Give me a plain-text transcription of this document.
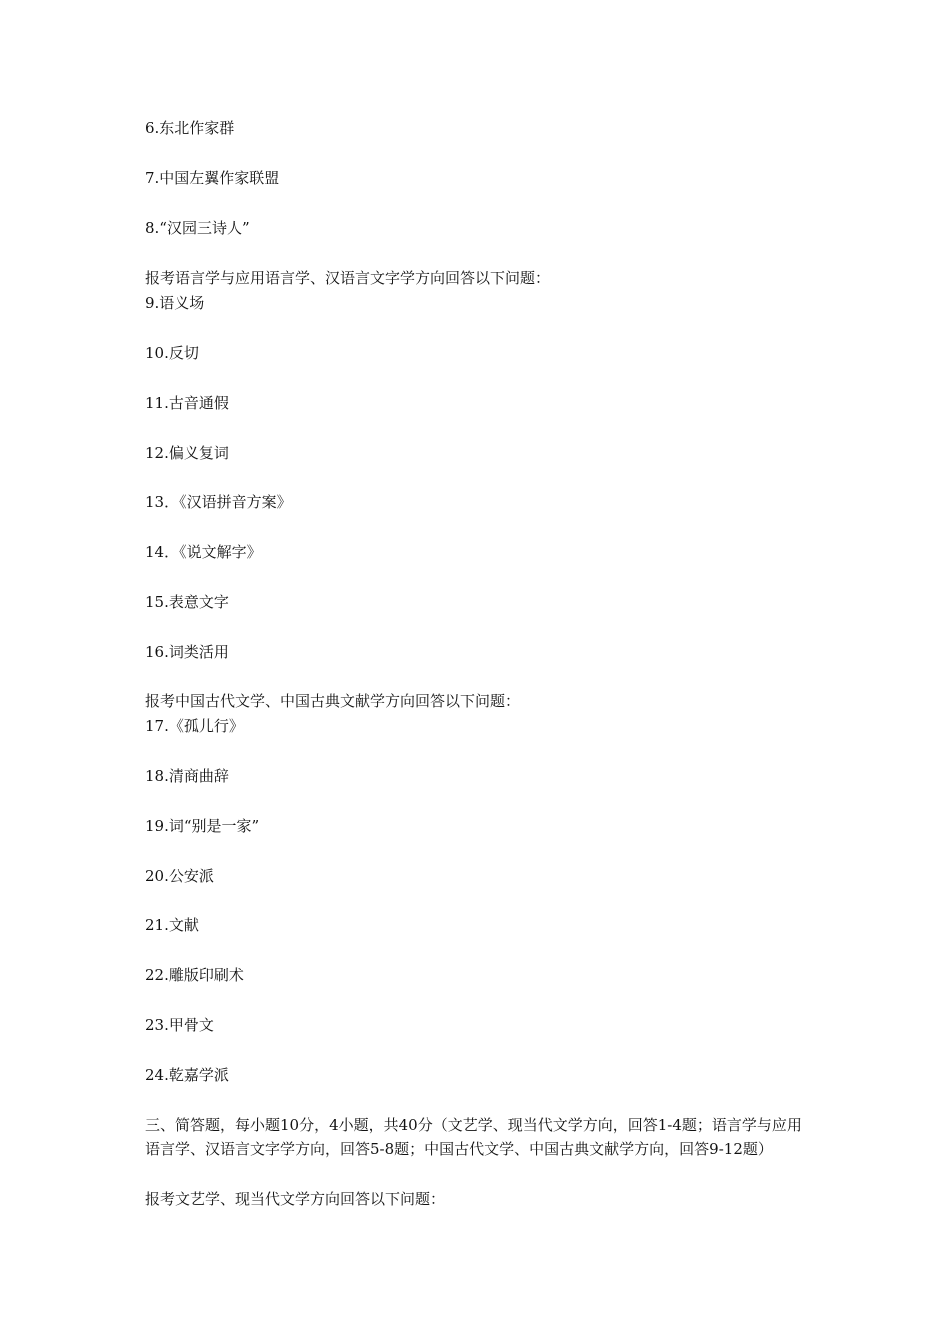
6.东北作家群
7.中国左翼作家联盟
8.“汉园三诗人”
报考语言学与应用语言学、汉语言文字学方向回答以下问题：
9.语义场
10.反切
11.古音通假
12.偏义复词
13．《汉语拼音方案》
14．《说文解字》
15.表意文字
16.词类活用
报考中国古代文学、中国古典文献学方向回答以下问题：
17.《孤儿行》
18.清商曲辞
19.词“别是一家”
20.公安派
21.文献
22.雕版印刷术
23.甲骨文
24.乾嘉学派
三、简答题，每小题10分，4小题，共40分（文艺学、现当代文学方向，回答1-4题；语言学与应用语言学、汉语言文字学方向，回答5-8题；中国古代文学、中国古典文献学方向，回答9-12题）
报考文艺学、现当代文学方向回答以下问题：
